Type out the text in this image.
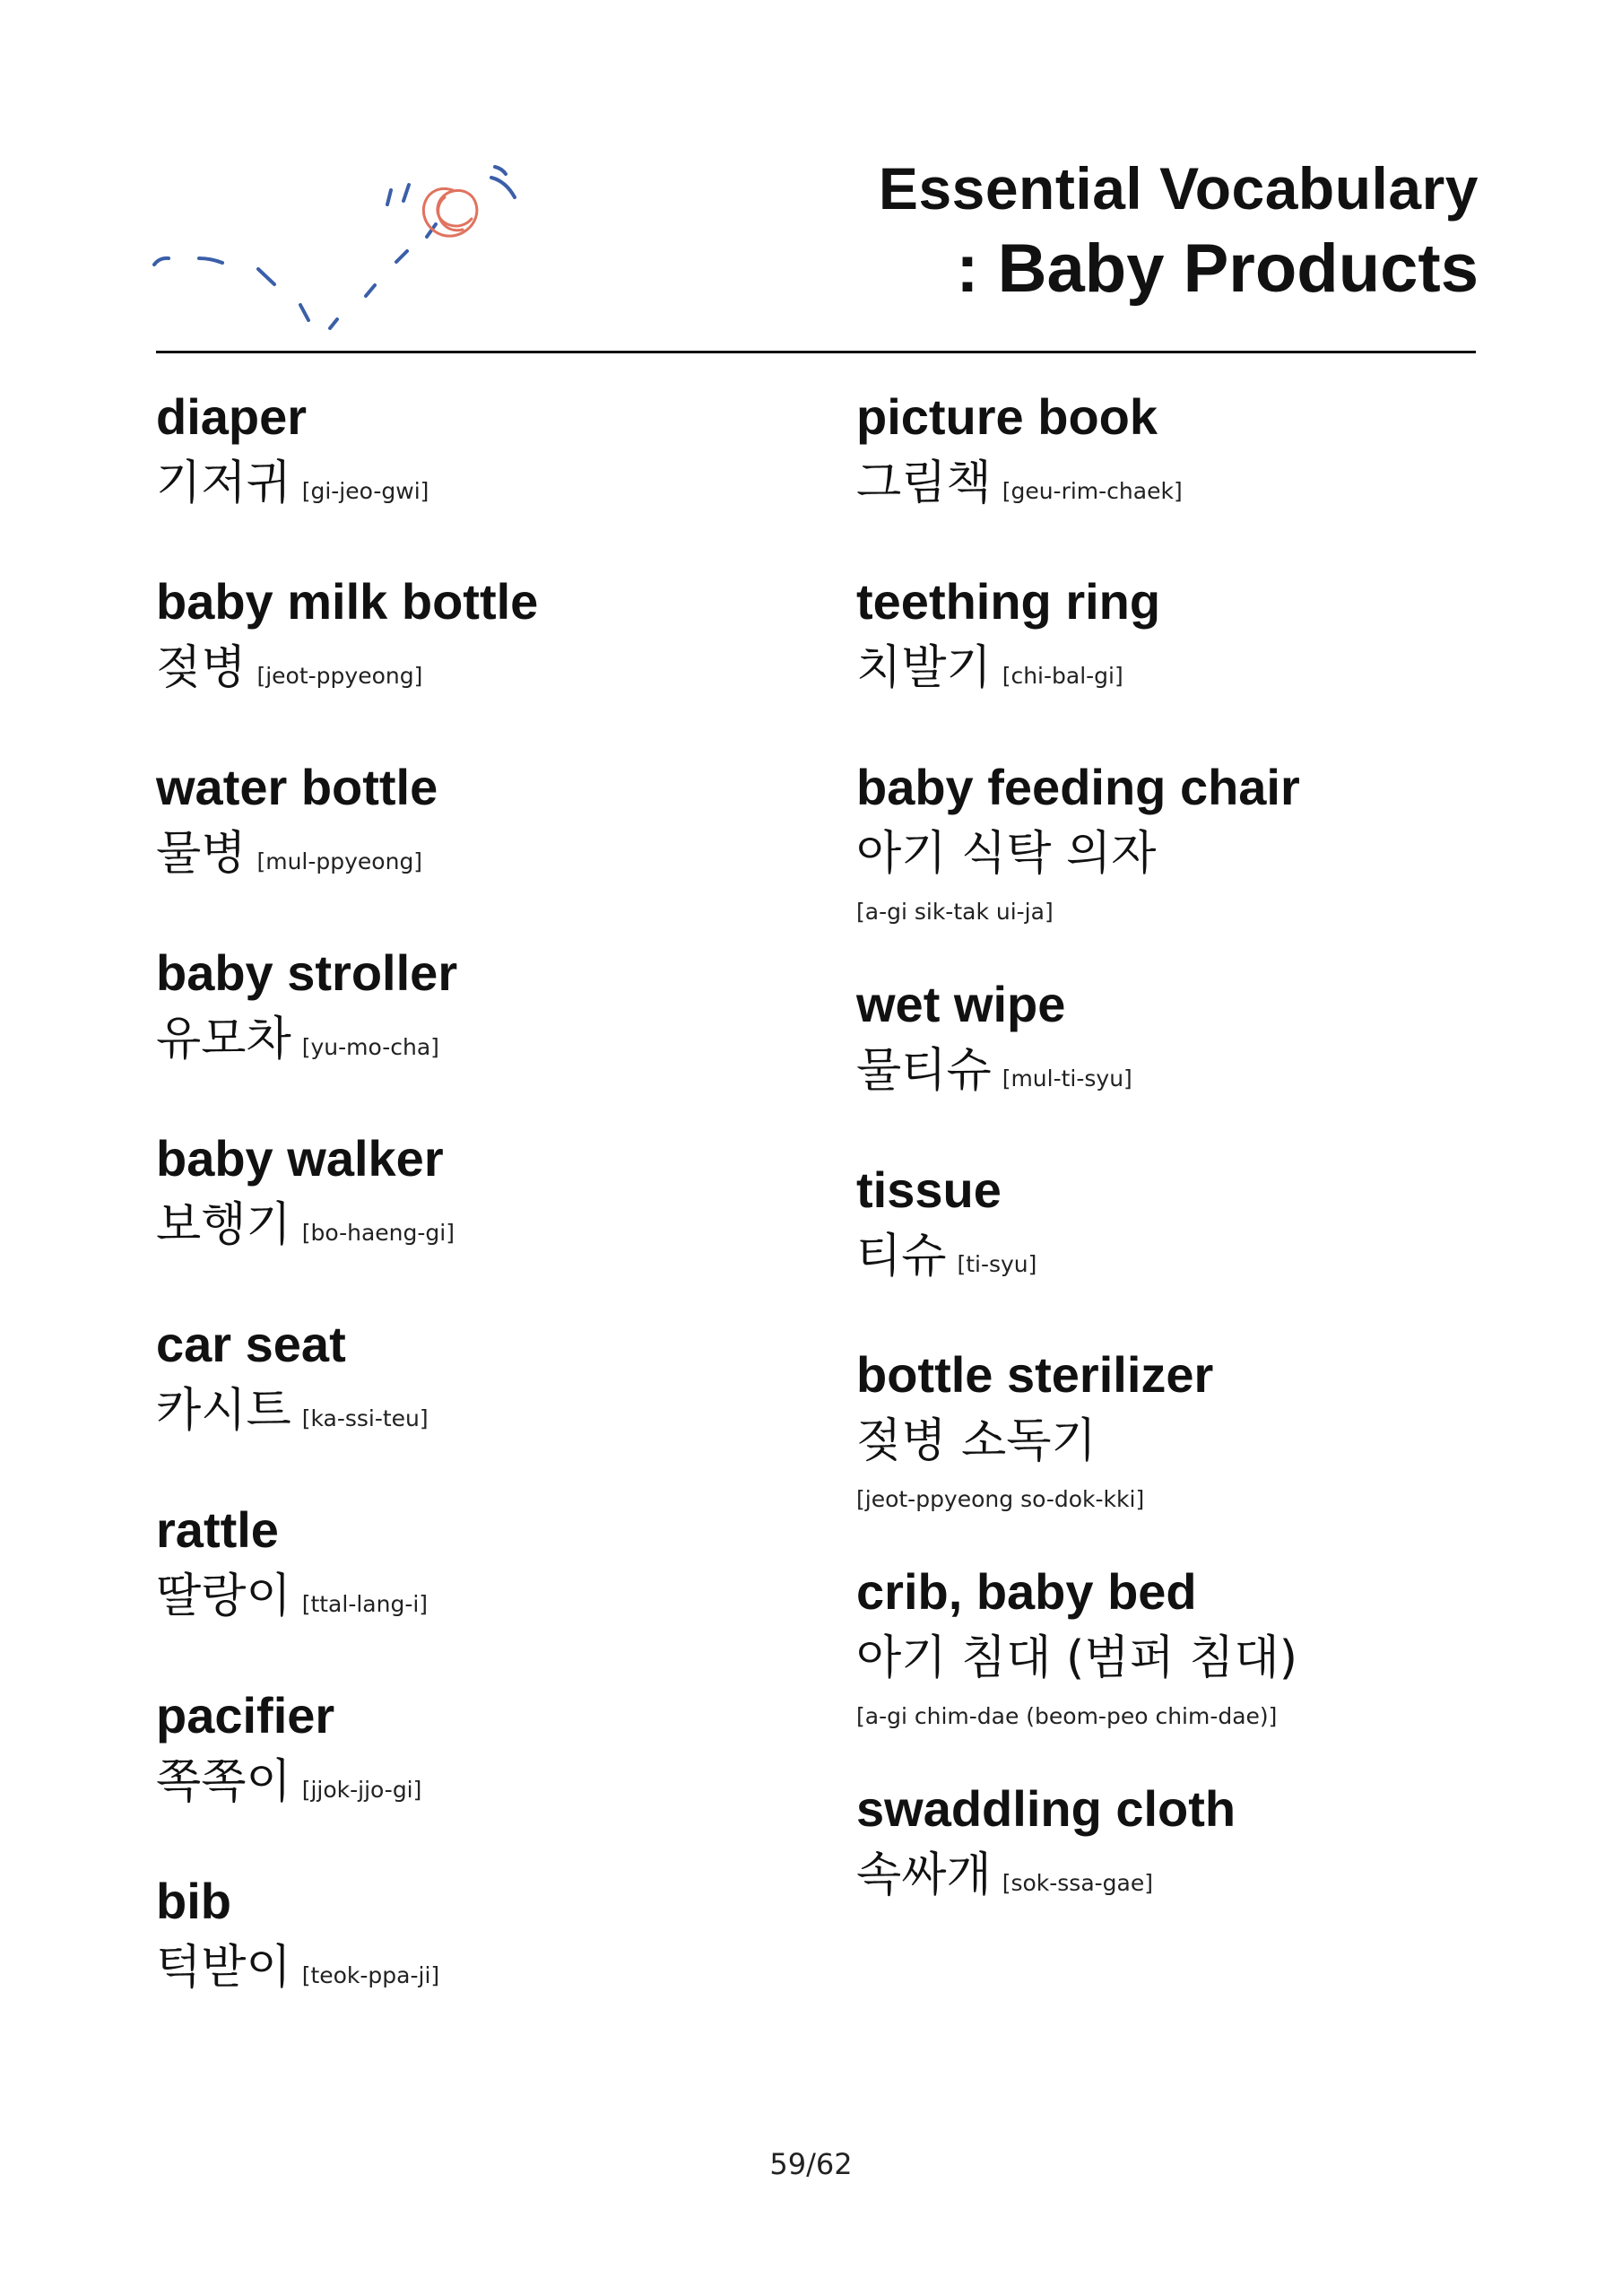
Essential Vocabulary
: Baby Products
diaper
기저귀 [gi-jeo-gwi]
baby milk bottle
젖병 [jeot-ppyeong]
water bottle
물병 [mul-ppyeong]
baby stroller
유모차 [yu-mo-cha]
baby walker
보행기 [bo-haeng-gi]
car seat
카시트 [ka-ssi-teu]
rattle
딸랑이 [ttal-lang-i]
pacifier
쪽쪽이 [jjok-jjo-gi]
bib
턱받이 [teok-ppa-ji]
picture book
그림책 [geu-rim-chaek]
teething ring
치발기 [chi-bal-gi]
baby feeding chair
아기 식탁 의자
[a-gi sik-tak ui-ja]
wet wipe
물티슈 [mul-ti-syu]
tissue
티슈 [ti-syu]
bottle sterilizer
젖병 소독기
[jeot-ppyeong so-dok-kki]
crib, baby bed
아기 침대 (범퍼 침대)
[a-gi chim-dae (beom-peo chim-dae)]
swaddling cloth
속싸개 [sok-ssa-gae]
59/62
